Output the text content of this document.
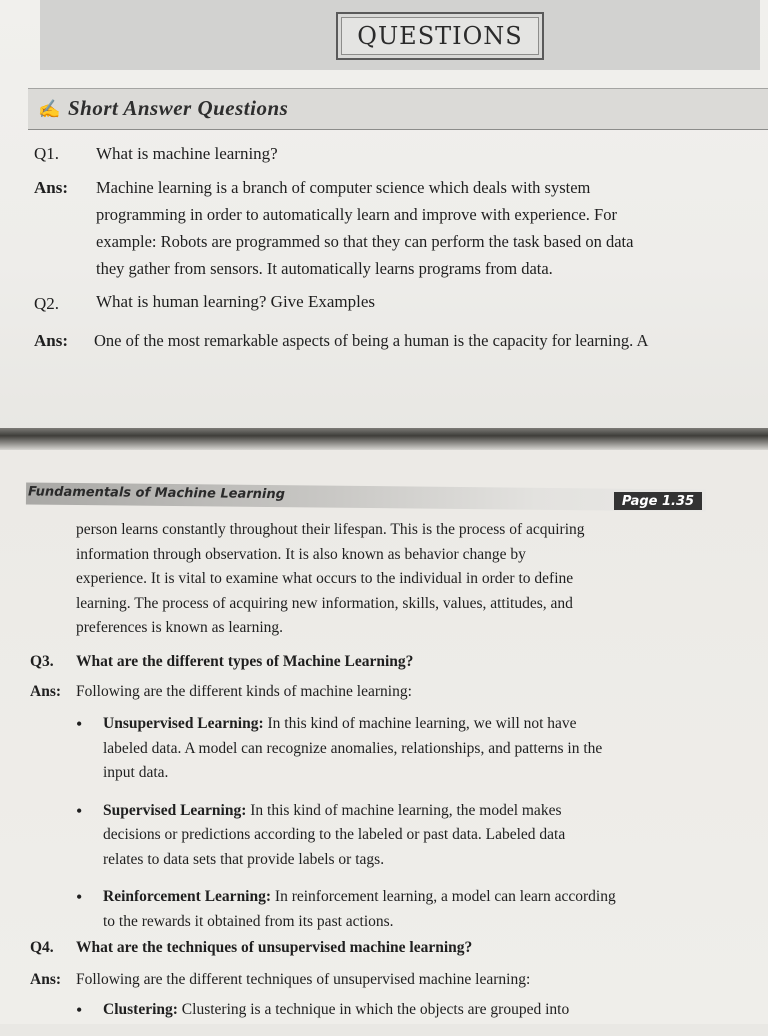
QUESTIONS
✍ Short Answer Questions
Q1. What is machine learning?
Ans: Machine learning is a branch of computer science which deals with system
programming in order to automatically learn and improve with experience. For
example: Robots are programmed so that they can perform the task based on data
they gather from sensors. It automatically learns programs from data.
Q2. What is human learning? Give Examples
Ans: One of the most remarkable aspects of being a human is the capacity for learning. A
Fundamentals of Machine Learning	Page 1.35
person learns constantly throughout their lifespan. This is the process of acquiring
information through observation. It is also known as behavior change by
experience. It is vital to examine what occurs to the individual in order to define
learning. The process of acquiring new information, skills, values, attitudes, and
preferences is known as learning.
Q3. What are the different types of Machine Learning?
Ans: Following are the different kinds of machine learning:
• Unsupervised Learning: In this kind of machine learning, we will not have
labeled data. A model can recognize anomalies, relationships, and patterns in the
input data.
• Supervised Learning: In this kind of machine learning, the model makes
decisions or predictions according to the labeled or past data. Labeled data
relates to data sets that provide labels or tags.
• Reinforcement Learning: In reinforcement learning, a model can learn according
to the rewards it obtained from its past actions.
Q4. What are the techniques of unsupervised machine learning?
Ans: Following are the different techniques of unsupervised machine learning:
• Clustering: Clustering is a technique in which the objects are grouped into
